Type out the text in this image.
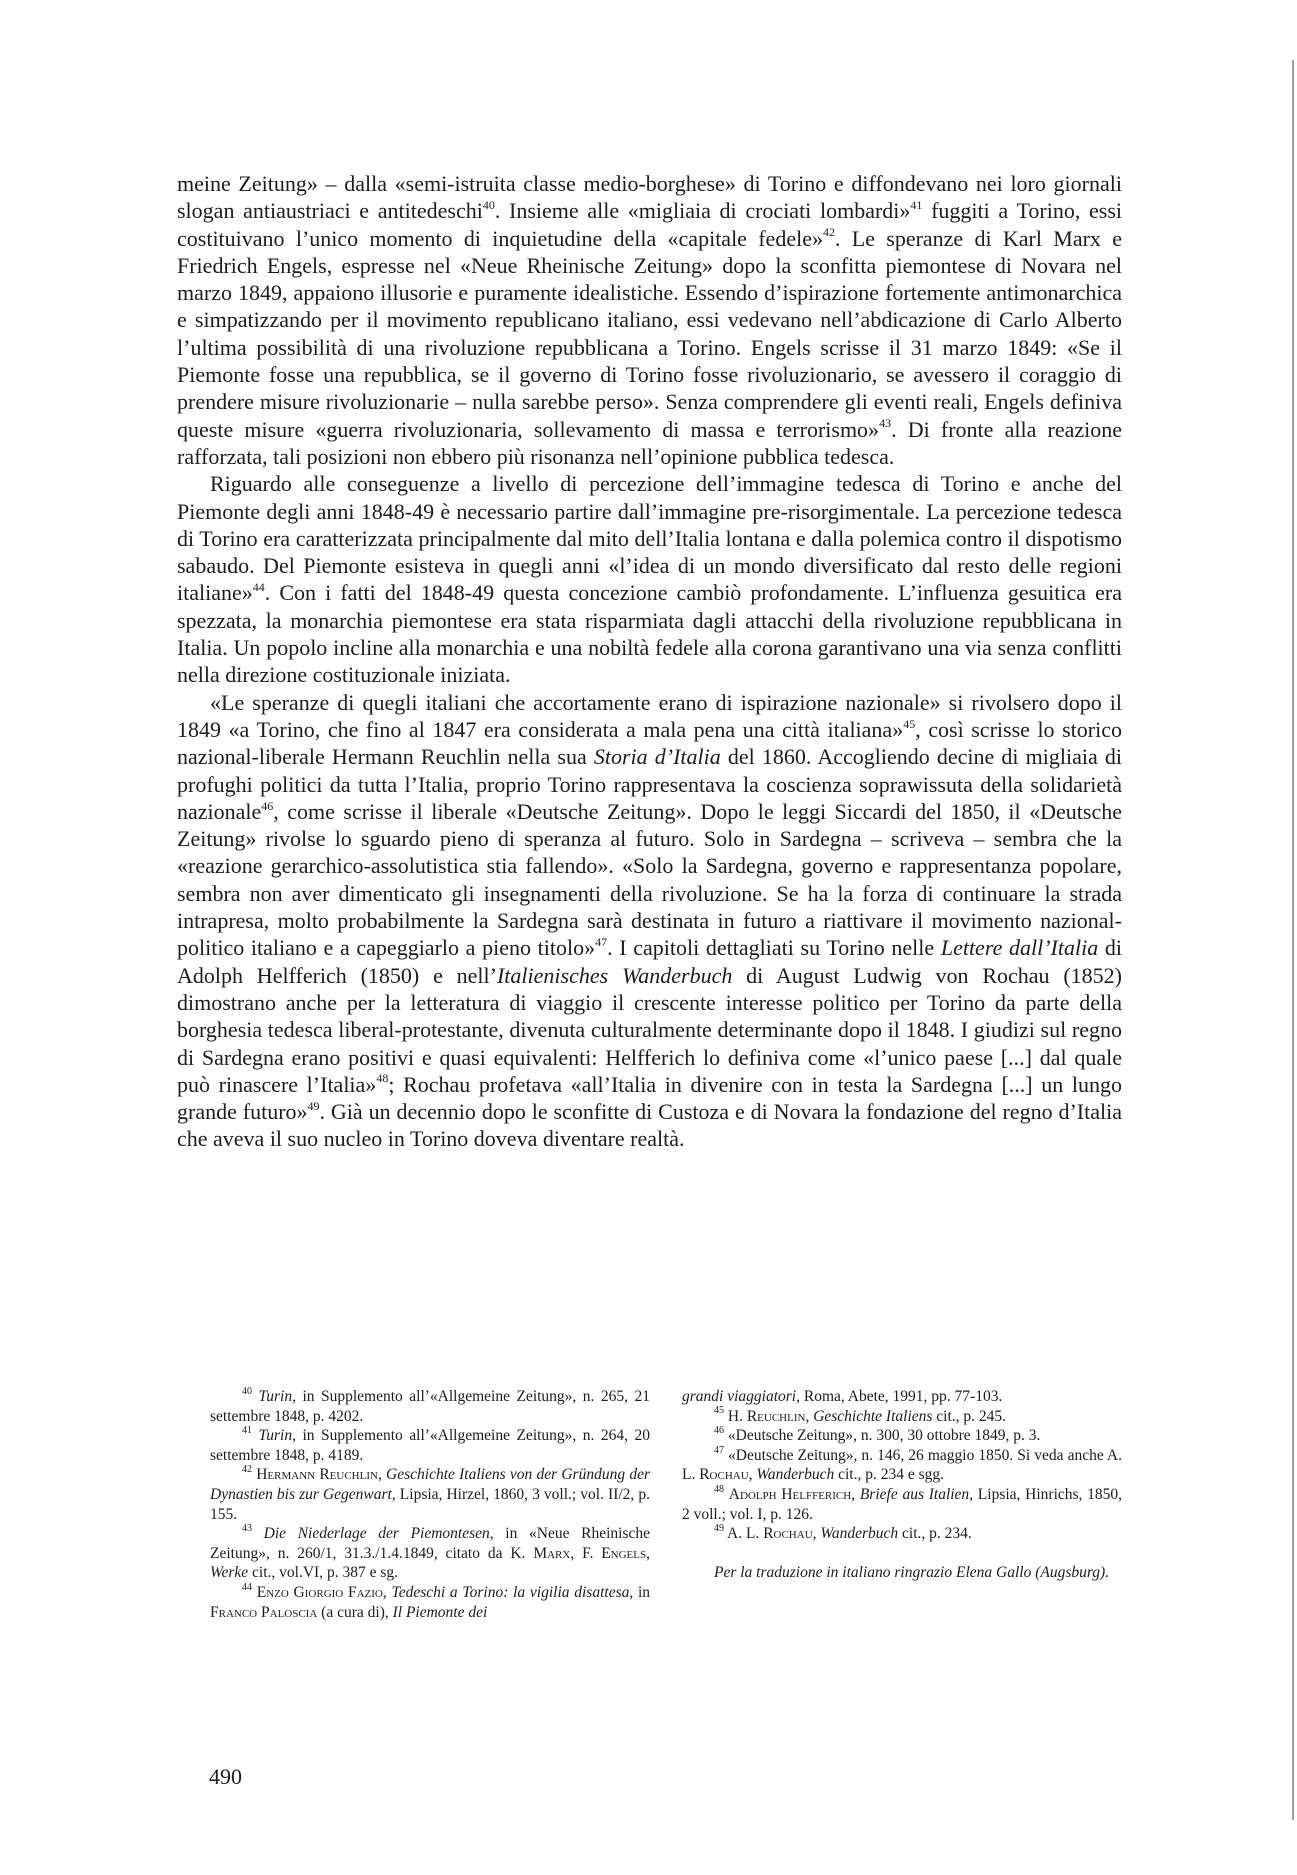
meine Zeitung» – dalla «semi-istruita classe medio-borghese» di Torino e diffondevano nei loro giornali slogan antiaustriaci e antitedeschi$^{40}$. Insieme alle «migliaia di crociati lombardi»$^{41}$ fuggiti a Torino, essi costituivano l’unico momento di inquietudine della «capitale fedele»$^{42}$. Le speranze di Karl Marx e Friedrich Engels, espresse nel «Neue Rheinische Zeitung» dopo la sconfitta piemontese di Novara nel marzo 1849, appaiono illusorie e puramente idealistiche. Essendo d’ispirazione fortemente antimonarchica e simpatizzando per il movimento republicano italiano, essi vedevano nell’abdicazione di Carlo Alberto l’ultima possibilità di una rivoluzione repubblicana a Torino. Engels scrisse il 31 marzo 1849: «Se il Piemonte fosse una repubblica, se il governo di Torino fosse rivoluzionario, se avessero il coraggio di prendere misure rivoluzionarie – nulla sarebbe perso». Senza comprendere gli eventi reali, Engels definiva queste misure «guerra rivoluzionaria, sollevamento di massa e terrorismo»$^{43}$. Di fronte alla reazione rafforzata, tali posizioni non ebbero più risonanza nell’opinione pubblica tedesca.

Riguardo alle conseguenze a livello di percezione dell’immagine tedesca di Torino e anche del Piemonte degli anni 1848-49 è necessario partire dall’immagine pre-risorgimentale. La percezione tedesca di Torino era caratterizzata principalmente dal mito dell’Italia lontana e dalla polemica contro il dispotismo sabaudo. Del Piemonte esisteva in quegli anni «l’idea di un mondo diversificato dal resto delle regioni italiane»$^{44}$. Con i fatti del 1848-49 questa concezione cambiò profondamente. L’influenza gesuitica era spezzata, la monarchia piemontese era stata risparmiata dagli attacchi della rivoluzione repubblicana in Italia. Un popolo incline alla monarchia e una nobiltà fedele alla corona garantivano una via senza conflitti nella direzione costituzionale iniziata.

«Le speranze di quegli italiani che accortamente erano di ispirazione nazionale» si rivolsero dopo il 1849 «a Torino, che fino al 1847 era considerata a mala pena una città italiana»$^{45}$, così scrisse lo storico nazional-liberale Hermann Reuchlin nella sua Storia d’Italia del 1860. Accogliendo decine di migliaia di profughi politici da tutta l’Italia, proprio Torino rappresentava la coscienza soprawissuta della solidarietà nazionale$^{46}$, come scrisse il liberale «Deutsche Zeitung». Dopo le leggi Siccardi del 1850, il «Deutsche Zeitung» rivolse lo sguardo pieno di speranza al futuro. Solo in Sardegna – scriveva – sembra che la «reazione gerarchico-assolutistica stia fallendo». «Solo la Sardegna, governo e rappresentanza popolare, sembra non aver dimenticato gli insegnamenti della rivoluzione. Se ha la forza di continuare la strada intrapresa, molto probabilmente la Sardegna sarà destinata in futuro a riattivare il movimento nazional-politico italiano e a capeggiarlo a pieno titolo»$^{47}$. I capitoli dettagliati su Torino nelle Lettere dall’Italia di Adolph Helfferich (1850) e nell’Italienisches Wanderbuch di August Ludwig von Rochau (1852) dimostrano anche per la letteratura di viaggio il crescente interesse politico per Torino da parte della borghesia tedesca liberal-protestante, divenuta culturalmente determinante dopo il 1848. I giudizi sul regno di Sardegna erano positivi e quasi equivalenti: Helfferich lo definiva come «l’unico paese [...] dal quale può rinascere l’Italia»$^{48}$; Rochau profetava «all’Italia in divenire con in testa la Sardegna [...] un lungo grande futuro»$^{49}$. Già un decennio dopo le sconfitte di Custoza e di Novara la fondazione del regno d’Italia che aveva il suo nucleo in Torino doveva diventare realtà.

$^{40}$ Turin, in Supplemento all’«Allgemeine Zeitung», n. 265, 21 settembre 1848, p. 4202.

$^{41}$ Turin, in Supplemento all’«Allgemeine Zeitung», n. 264, 20 settembre 1848, p. 4189.

$^{42}$ Hermann Reuchlin, Geschichte Italiens von der Gründung der Dynastien bis zur Gegenwart, Lipsia, Hirzel, 1860, 3 voll.; vol. II/2, p. 155.

$^{43}$ Die Niederlage der Piemontesen, in «Neue Rheinische Zeitung», n. 260/1, 31.3./1.4.1849, citato da K. Marx, F. Engels, Werke cit., vol.VI, p. 387 e sg.

$^{44}$ Enzo Giorgio Fazio, Tedeschi a Torino: la vigilia disattesa, in Franco Paloscia (a cura di), Il Piemonte dei

grandi viaggiatori, Roma, Abete, 1991, pp. 77-103.

$^{45}$ H. Reuchlin, Geschichte Italiens cit., p. 245.

$^{46}$ «Deutsche Zeitung», n. 300, 30 ottobre 1849, p. 3.

$^{47}$ «Deutsche Zeitung», n. 146, 26 maggio 1850. Si veda anche A. L. Rochau, Wanderbuch cit., p. 234 e sgg.

$^{48}$ Adolph Helfferich, Briefe aus Italien, Lipsia, Hinrichs, 1850, 2 voll.; vol. I, p. 126.

$^{49}$ A. L. Rochau, Wanderbuch cit., p. 234.

Per la traduzione in italiano ringrazio Elena Gallo (Augsburg).

490
